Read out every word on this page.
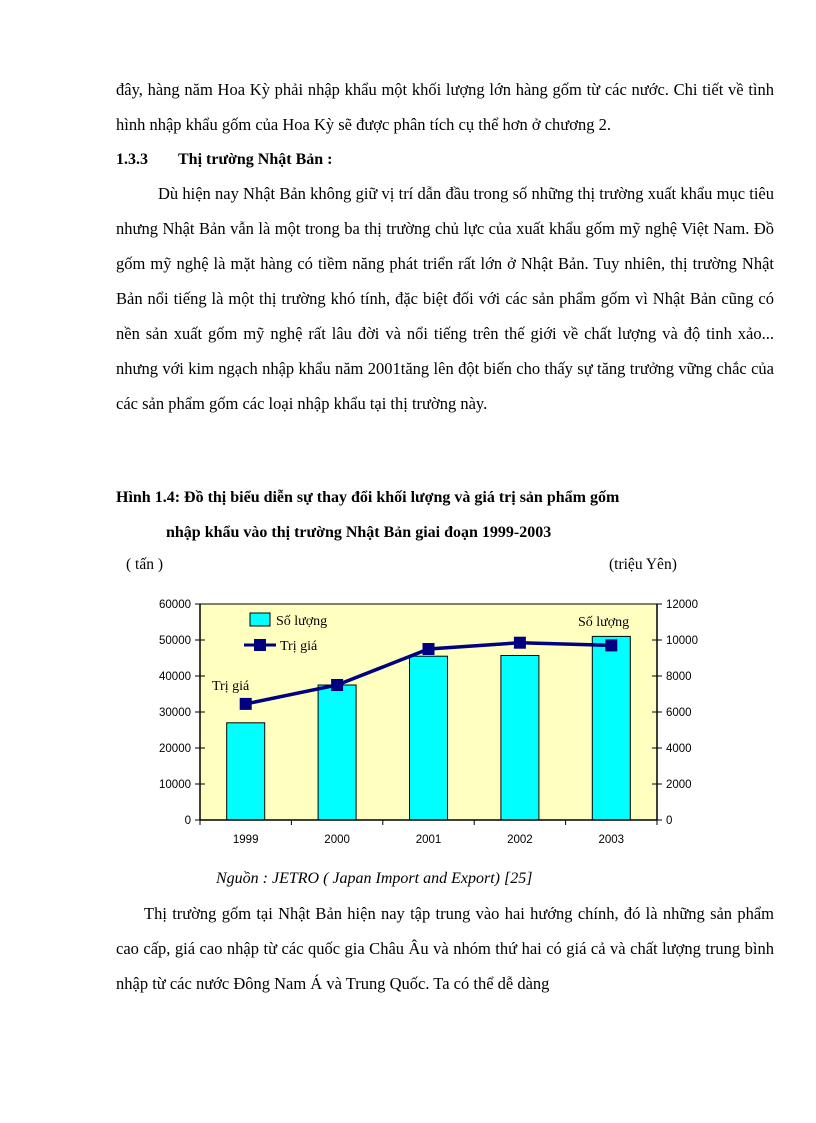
đây, hàng năm Hoa Kỳ phải nhập khẩu một khối lượng lớn hàng gốm từ các nước. Chi tiết về tình hình nhập khẩu gốm của Hoa Kỳ sẽ được phân tích cụ thể hơn ở chương 2.

1.3.3 Thị trường Nhật Bản :

Dù hiện nay Nhật Bản không giữ vị trí dẫn đầu trong số những thị trường xuất khẩu mục tiêu nhưng Nhật Bản vẫn là một trong ba thị trường chủ lực của xuất khẩu gốm mỹ nghệ Việt Nam. Đồ gốm mỹ nghệ là mặt hàng có tiềm năng phát triển rất lớn ở Nhật Bản. Tuy nhiên, thị trường Nhật Bản nổi tiếng là một thị trường khó tính, đặc biệt đối với các sản phẩm gốm vì Nhật Bản cũng có nền sản xuất gốm mỹ nghệ rất lâu đời và nổi tiếng trên thế giới về chất lượng và độ tinh xảo... nhưng với kim ngạch nhập khẩu năm 2001tăng lên đột biến cho thấy sự tăng trưởng vững chắc của các sản phẩm gốm các loại nhập khẩu tại thị trường này.

Hình 1.4: Đồ thị biểu diễn sự thay đổi khối lượng và giá trị sản phẩm gốm

nhập khẩu vào thị trường Nhật Bản giai đoạn 1999-2003

( tấn )	(triệu Yên)

0
10000
20000
30000
40000
50000
60000
0
2000
4000
6000
8000
10000
12000
1999	2000	2001	2002	2003
Số lượng
Trị giá
Trị giá
Số lượng

Nguồn : JETRO ( Japan Import and Export) [25]

Thị trường gốm tại Nhật Bản hiện nay tập trung vào hai hướng chính, đó là những sản phẩm cao cấp, giá cao nhập từ các quốc gia Châu Âu và nhóm thứ hai có giá cả và chất lượng trung bình nhập từ các nước Đông Nam Á và Trung Quốc. Ta có thể dễ dàng
